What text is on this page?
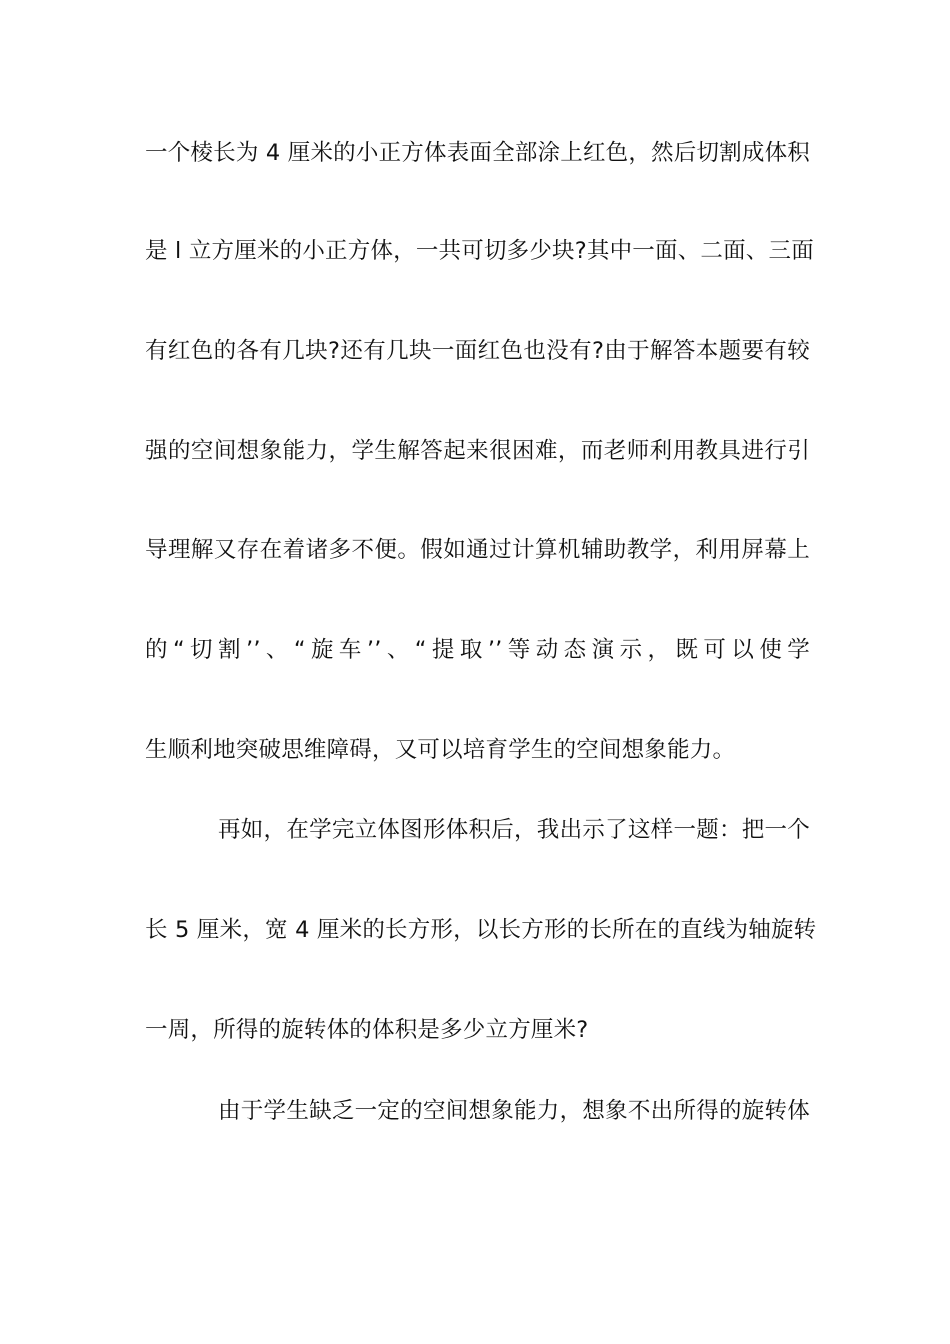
一个棱长为 4 厘米的小正方体表面全部涂上红色，然后切割成体积
是 l 立方厘米的小正方体，一共可切多少块?其中一面、二面、三面
有红色的各有几块?还有几块一面红色也没有?由于解答本题要有较
强的空间想象能力，学生解答起来很困难，而老师利用教具进行引
导理解又存在着诸多不便。假如通过计算机辅助教学，利用屏幕上
的“切割’’、“旋车’’、“提取’’等动态演示，既可以使学
生顺利地突破思维障碍，又可以培育学生的空间想象能力。
再如，在学完立体图形体积后，我出示了这样一题：把一个
长 5 厘米，宽 4 厘米的长方形，以长方形的长所在的直线为轴旋转
一周，所得的旋转体的体积是多少立方厘米?
由于学生缺乏一定的空间想象能力，想象不出所得的旋转体
